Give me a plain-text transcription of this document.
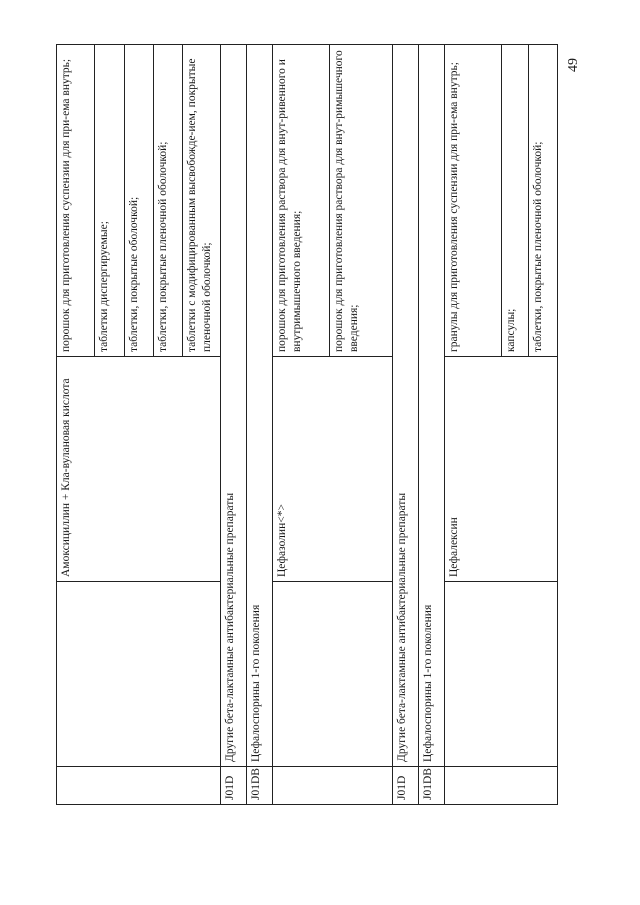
		Амоксициллин + Кла-вулановая кислота	порошок для приготовления суспензии для при-ема внутрь;
			таблетки диспергируемые;
			таблетки, покрытые оболочкой;
			таблетки, покрытые пленочной оболочкой;
			таблетки с модифицированным высвобожде-ием, покрытые пленочной оболочкой;
J01D	Другие бета-лактамные антибактериальные препараты		
J01DB	Цефалоспорины 1-го поколения		
		Цефазолин<*>	порошок для приготовления раствора для внут-ривенного и внутримышечного введения;
			порошок для приготовления раствора для внут-римышечного введения;
J01D	Другие бета-лактамные антибактериальные препараты		
J01DB	Цефалоспорины 1-го поколения		
		Цефалексин	гранулы для приготовления суспензии для при-ема внутрь;
			капсулы;
			таблетки, покрытые пленочной оболочкой;
49
